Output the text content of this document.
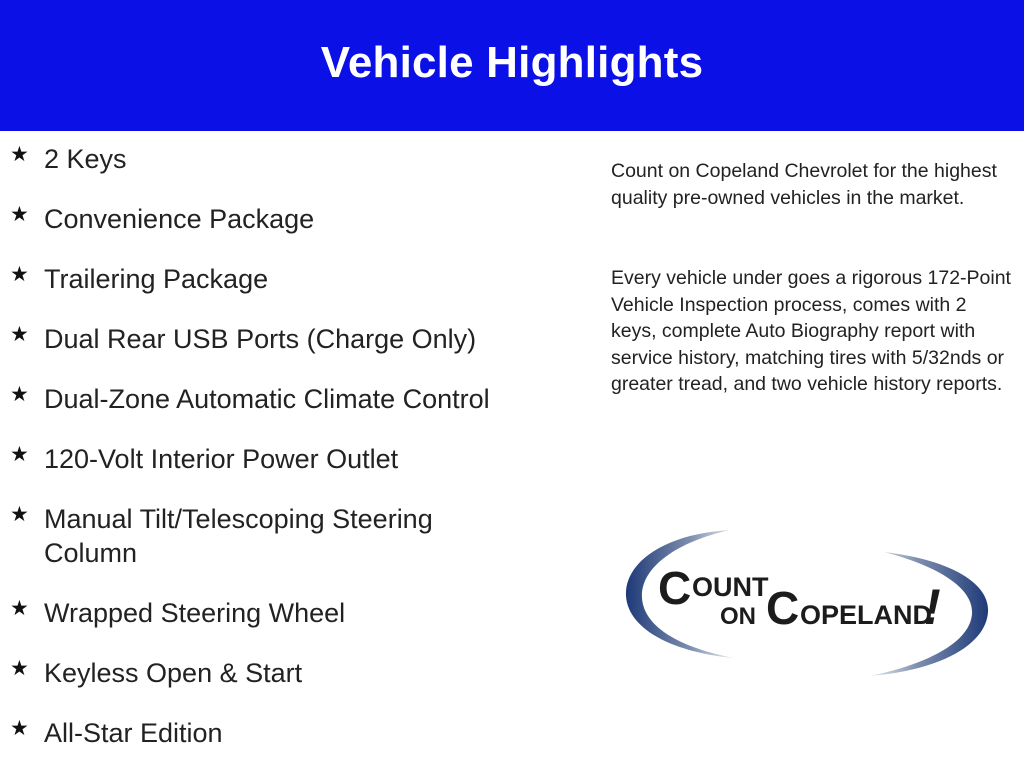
Vehicle Highlights
★ 2 Keys
★ Convenience Package
★ Trailering Package
★ Dual Rear USB Ports (Charge Only)
★ Dual-Zone Automatic Climate Control
★ 120-Volt Interior Power Outlet
★ Manual Tilt/Telescoping Steering Column
★ Wrapped Steering Wheel
★ Keyless Open & Start
★ All-Star Edition
Count on Copeland Chevrolet for the highest quality pre-owned vehicles in the market.
Every vehicle under goes a rigorous 172-Point Vehicle Inspection process, comes with 2 keys, complete Auto Biography report with service history, matching tires with 5/32nds or greater tread, and two vehicle history reports.
C OUNT
ON C OPELAND
!
